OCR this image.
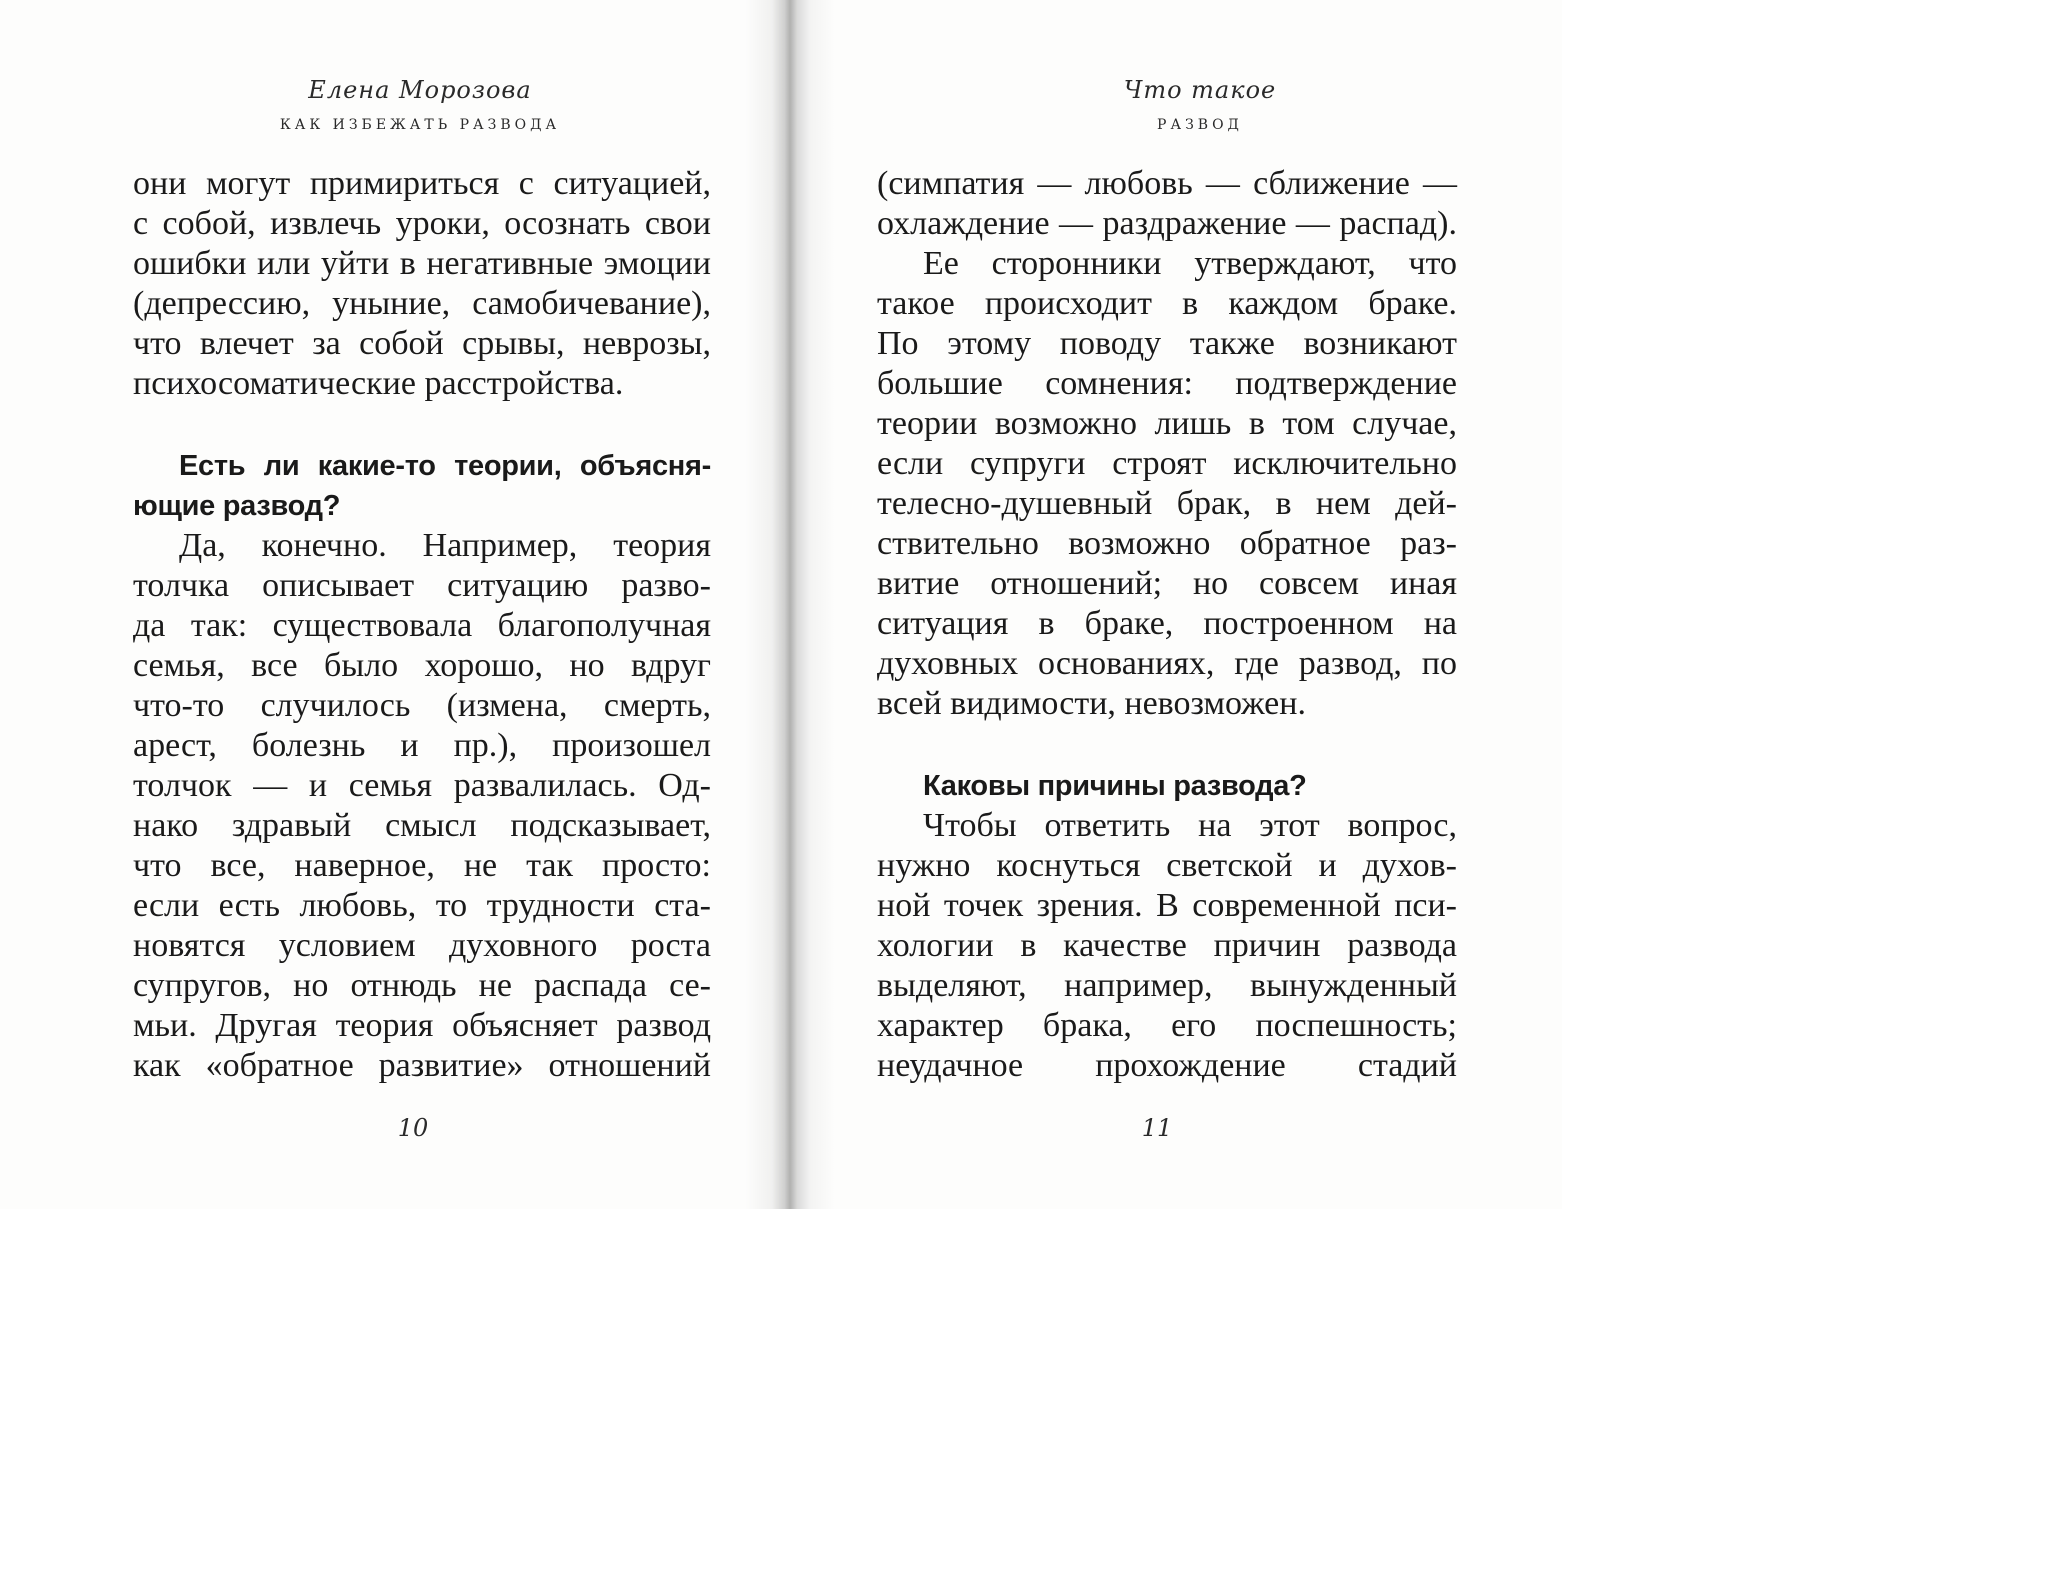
Елена Морозова
КАК ИЗБЕЖАТЬ РАЗВОДА
они могут примириться с ситуацией,
с собой, извлечь уроки, осознать свои
ошибки или уйти в негативные эмоции
(депрессию, уныние, самобичевание),
что влечет за собой срывы, неврозы,
психосоматические расстройства.
Есть ли какие-то теории, объясня-
ющие развод?
Да, конечно. Например, теория
толчка описывает ситуацию разво-
да так: существовала благополучная
семья, все было хорошо, но вдруг
что-то случилось (измена, смерть,
арест, болезнь и пр.), произошел
толчок — и семья развалилась. Од-
нако здравый смысл подсказывает,
что все, наверное, не так просто:
если есть любовь, то трудности ста-
новятся условием духовного роста
супругов, но отнюдь не распада се-
мьи. Другая теория объясняет развод
как «обратное развитие» отношений
10
Что такое
РАЗВОД
(симпатия — любовь — сближение —
охлаждение — раздражение — распад).
Ее сторонники утверждают, что
такое происходит в каждом браке.
По этому поводу также возникают
большие сомнения: подтверждение
теории возможно лишь в том случае,
если супруги строят исключительно
телесно-душевный брак, в нем дей-
ствительно возможно обратное раз-
витие отношений; но совсем иная
ситуация в браке, построенном на
духовных основаниях, где развод, по
всей видимости, невозможен.
Каковы причины развода?
Чтобы ответить на этот вопрос,
нужно коснуться светской и духов-
ной точек зрения. В современной пси-
хологии в качестве причин развода
выделяют, например, вынужденный
характер брака, его поспешность;
неудачное прохождение стадий
11
